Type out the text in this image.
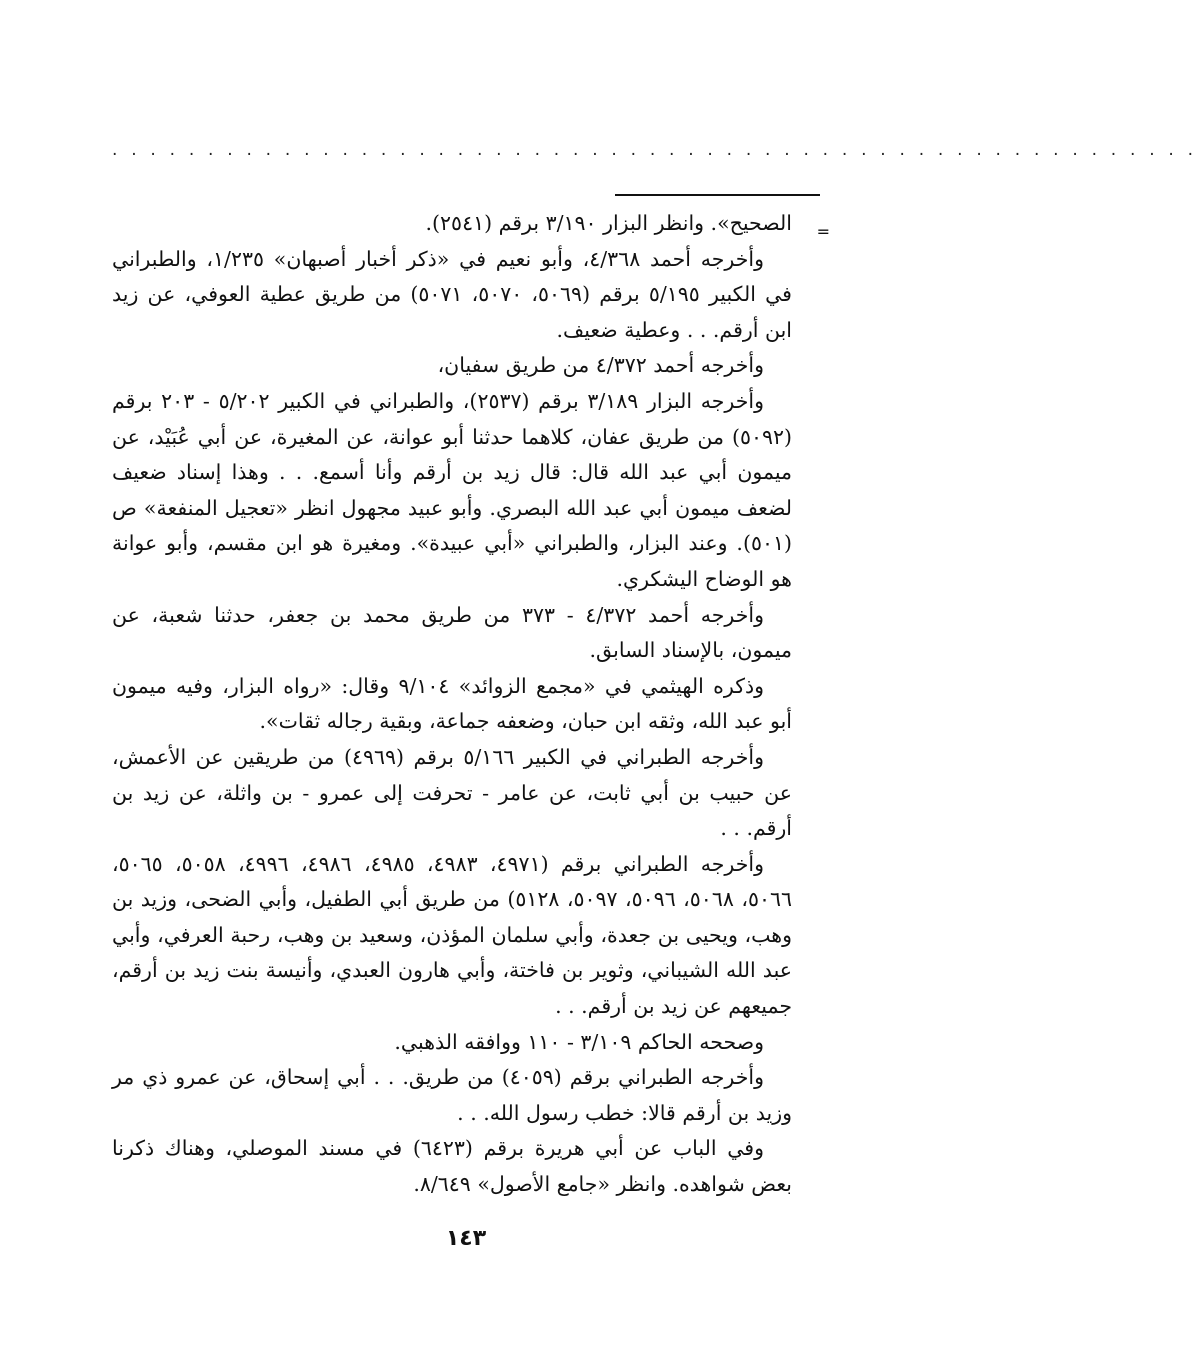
. . . . . . . . . . . . . . . . . . . . . . . . . . . . . . . . . . . . . . . . . . . . . . . . . . . . . . . . .
=

الصحيح». وانظر البزار ٣/١٩٠ برقم (٢٥٤١).

وأخرجه أحمد ٤/٣٦٨، وأبو نعيم في «ذكر أخبار أصبهان» ١/٢٣٥، والطبراني في الكبير ٥/١٩٥ برقم (٥٠٦٩، ٥٠٧٠، ٥٠٧١) من طريق عطية العوفي، عن زيد ابن أرقم. . . وعطية ضعيف.

وأخرجه أحمد ٤/٣٧٢ من طريق سفيان،

وأخرجه البزار ٣/١٨٩ برقم (٢٥٣٧)، والطبراني في الكبير ٥/٢٠٢ - ٢٠٣ برقم (٥٠٩٢) من طريق عفان، كلاهما حدثنا أبو عوانة، عن المغيرة، عن أبي عُبَيْد، عن ميمون أبي عبد الله قال: قال زيد بن أرقم وأنا أسمع. . . وهذا إسناد ضعيف لضعف ميمون أبي عبد الله البصري. وأبو عبيد مجهول انظر «تعجيل المنفعة» ص (٥٠١). وعند البزار، والطبراني «أبي عبيدة». ومغيرة هو ابن مقسم، وأبو عوانة هو الوضاح اليشكري.

وأخرجه أحمد ٤/٣٧٢ - ٣٧٣ من طريق محمد بن جعفر، حدثنا شعبة، عن ميمون، بالإسناد السابق.

وذكره الهيثمي في «مجمع الزوائد» ٩/١٠٤ وقال: «رواه البزار، وفيه ميمون أبو عبد الله، وثقه ابن حبان، وضعفه جماعة، وبقية رجاله ثقات».

وأخرجه الطبراني في الكبير ٥/١٦٦ برقم (٤٩٦٩) من طريقين عن الأعمش، عن حبيب بن أبي ثابت، عن عامر - تحرفت إلى عمرو - بن واثلة، عن زيد بن أرقم. . .

وأخرجه الطبراني برقم (٤٩٧١، ٤٩٨٣، ٤٩٨٥، ٤٩٨٦، ٤٩٩٦، ٥٠٥٨، ٥٠٦٥، ٥٠٦٦، ٥٠٦٨، ٥٠٩٦، ٥٠٩٧، ٥١٢٨) من طريق أبي الطفيل، وأبي الضحى، وزيد بن وهب، ويحيى بن جعدة، وأبي سلمان المؤذن، وسعيد بن وهب، رحبة العرفي، وأبي عبد الله الشيباني، وثوير بن فاختة، وأبي هارون العبدي، وأنيسة بنت زيد بن أرقم، جميعهم عن زيد بن أرقم. . .

وصححه الحاكم ٣/١٠٩ - ١١٠ ووافقه الذهبي.

وأخرجه الطبراني برقم (٤٠٥٩) من طريق. . . أبي إسحاق، عن عمرو ذي مر وزيد بن أرقم قالا: خطب رسول الله. . .

وفي الباب عن أبي هريرة برقم (٦٤٢٣) في مسند الموصلي، وهناك ذكرنا بعض شواهده. وانظر «جامع الأصول» ٨/٦٤٩.

١٤٣
